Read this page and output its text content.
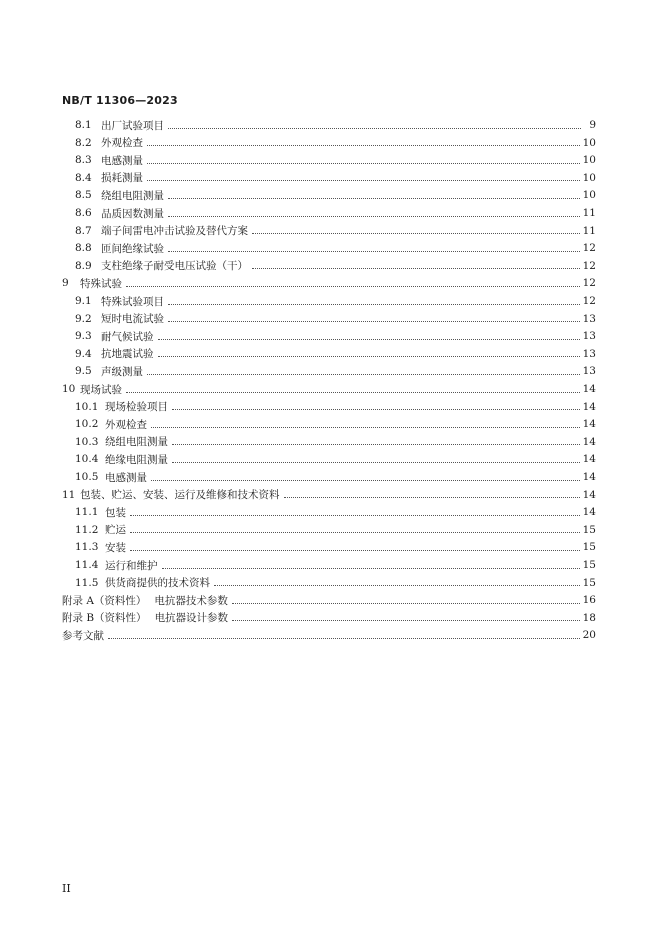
NB/T 11306—2023
8.1 出厂试验项目	9
8.2 外观检查	10
8.3 电感测量	10
8.4 损耗测量	10
8.5 绕组电阻测量	10
8.6 品质因数测量	11
8.7 端子间雷电冲击试验及替代方案	11
8.8 匝间绝缘试验	12
8.9 支柱绝缘子耐受电压试验（干）	12
9	特殊试验	12
9.1 特殊试验项目	12
9.2 短时电流试验	13
9.3 耐气候试验	13
9.4 抗地震试验	13
9.5 声级测量	13
10 现场试验	14
10.1 现场检验项目	14
10.2 外观检查	14
10.3 绕组电阻测量	14
10.4 绝缘电阻测量	14
10.5 电感测量	14
11 包装、贮运、安装、运行及维修和技术资料	14
11.1 包装	14
11.2 贮运	15
11.3 安装	15
11.4 运行和维护	15
11.5 供货商提供的技术资料	15
附录 A（资料性） 电抗器技术参数	16
附录 B（资料性） 电抗器设计参数	18
参考文献	20
II
